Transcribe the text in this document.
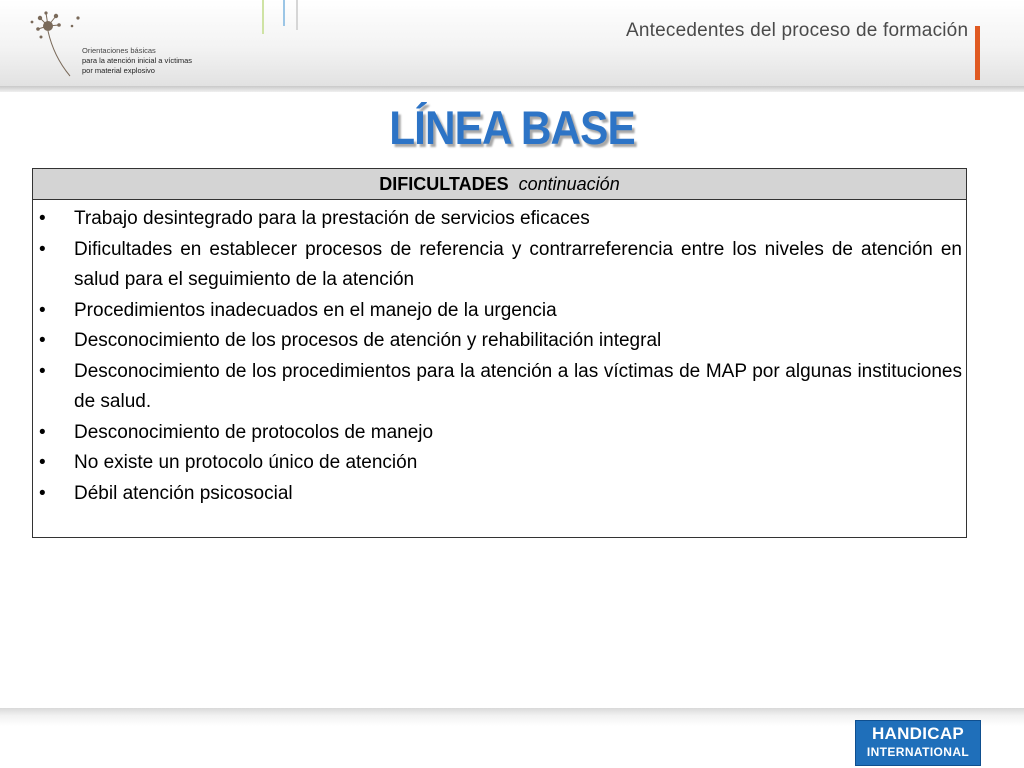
Orientaciones básicas
para la atención inicial a víctimas
por material explosivo
Antecedentes del proceso de formación
LÍNEA BASE
DIFICULTADES continuación
•	Trabajo desintegrado para la prestación de servicios eficaces
•	Dificultades en establecer procesos de referencia y contrarreferencia entre los niveles de atención en salud para el seguimiento de la atención
•	Procedimientos inadecuados en el manejo de la urgencia
•	Desconocimiento de los procesos de atención y rehabilitación integral
•	Desconocimiento de los procedimientos para la atención a las víctimas de MAP por algunas instituciones de salud.
•	Desconocimiento de protocolos de manejo
•	No existe un protocolo único de atención
•	Débil atención psicosocial
HANDICAP
INTERNATIONAL
